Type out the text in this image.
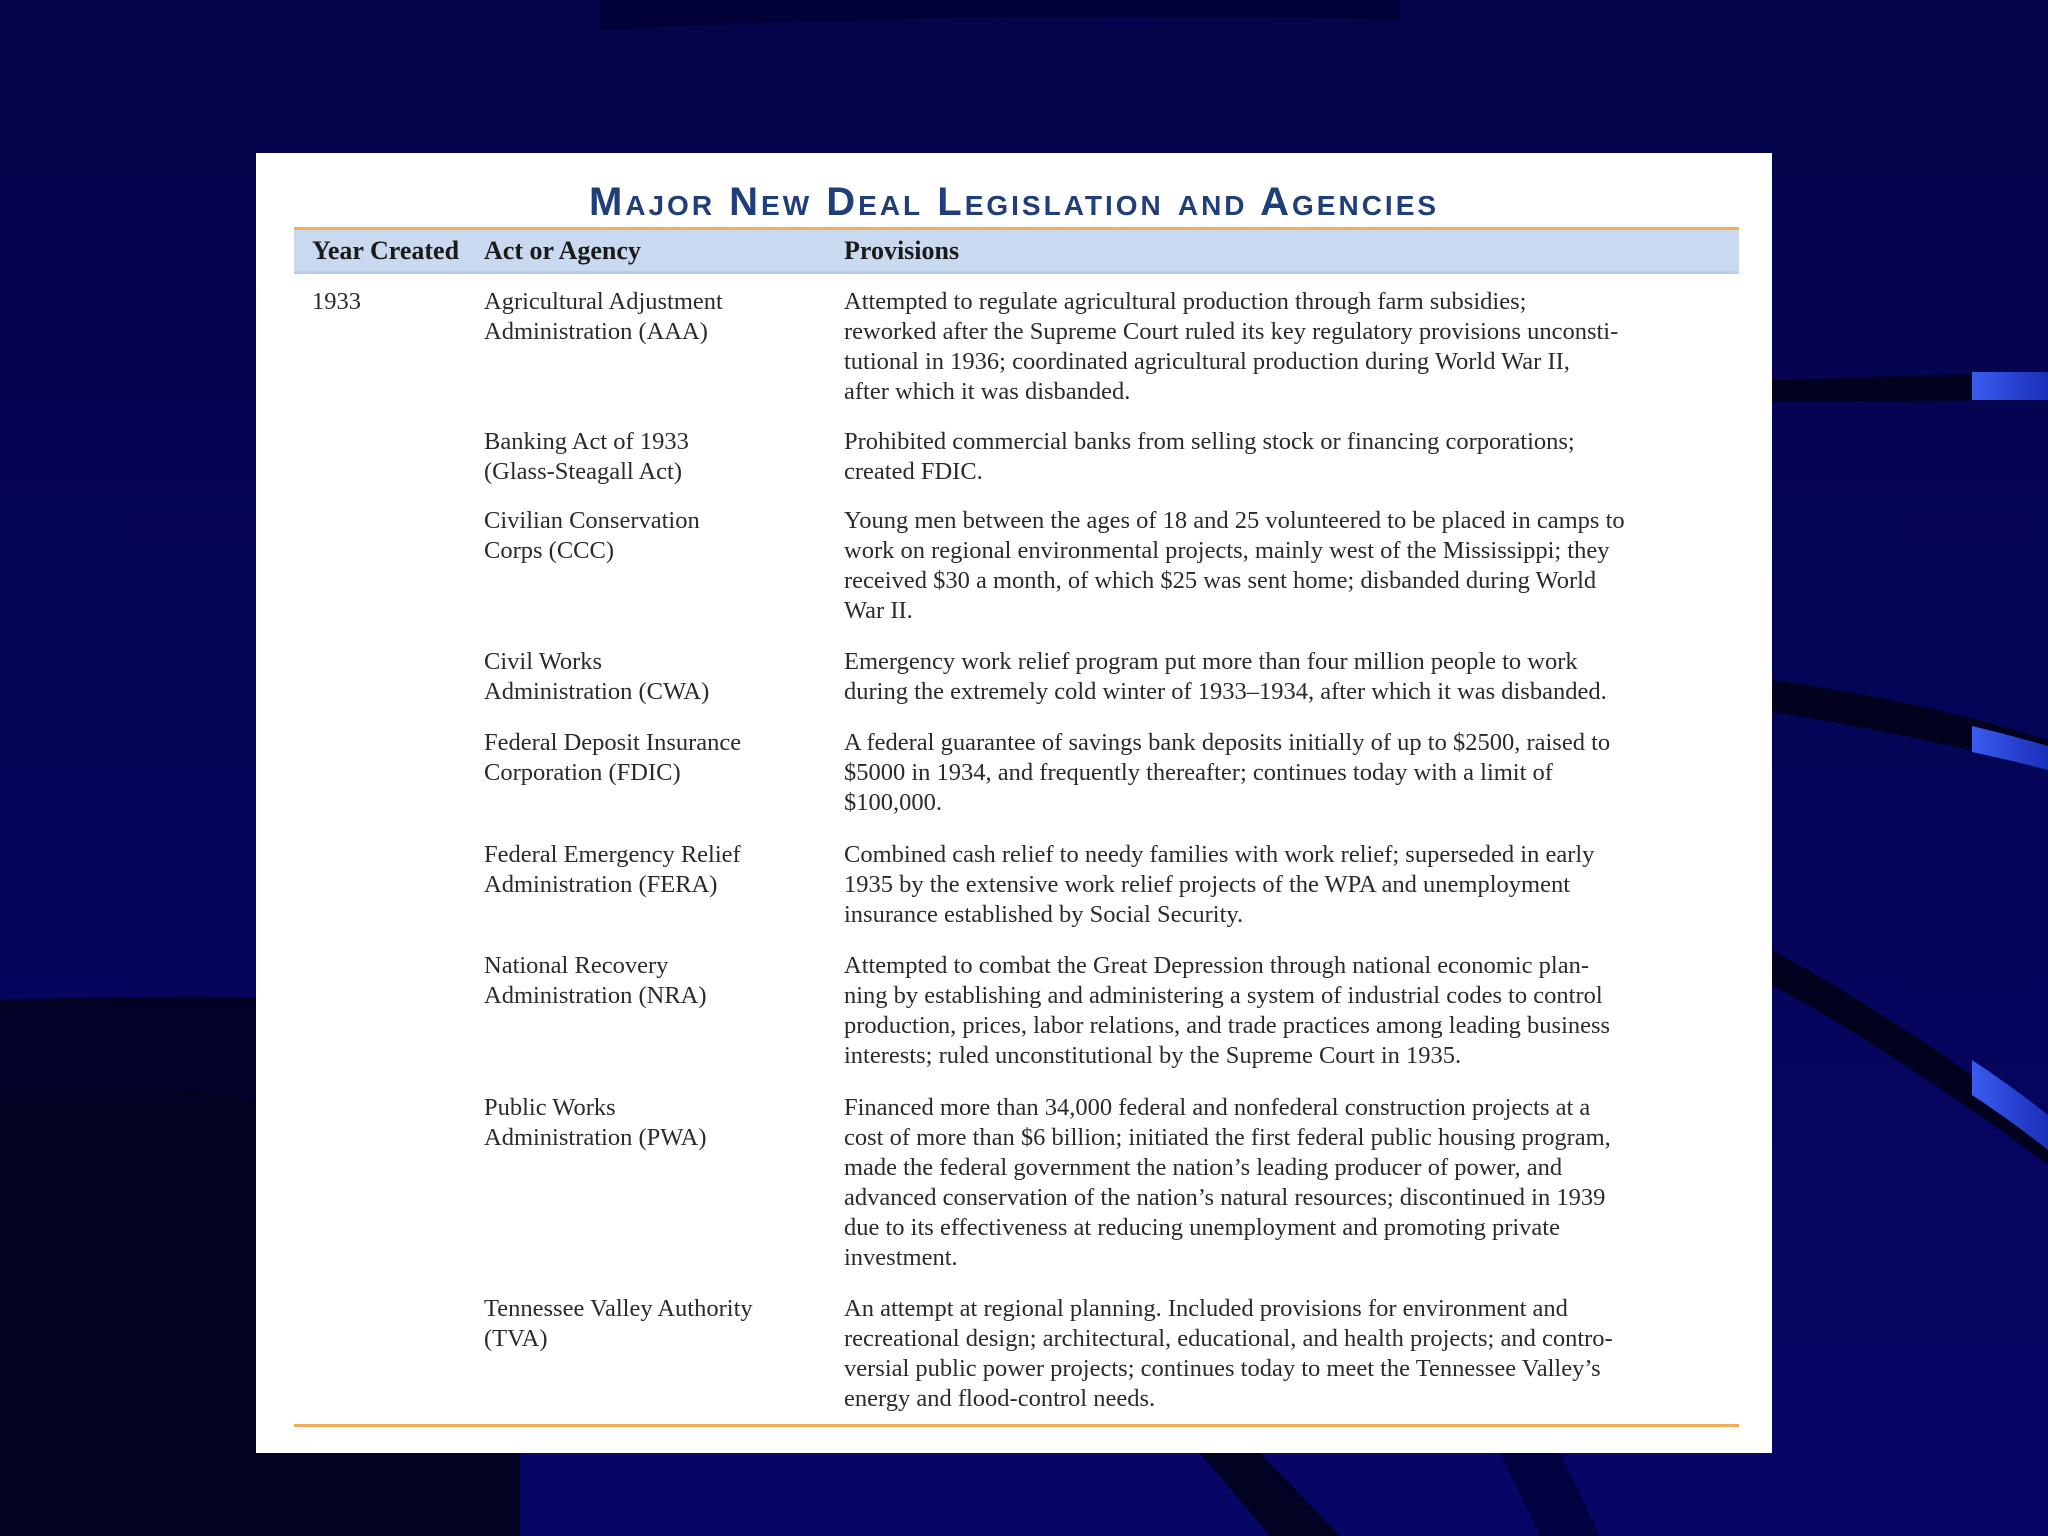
Major New Deal Legislation and Agencies
Year Created Act or Agency	Provisions
1933	Agricultural Adjustment
Administration (AAA)
Attempted to regulate agricultural production through farm subsidies;
reworked after the Supreme Court ruled its key regulatory provisions unconsti-
tutional in 1936; coordinated agricultural production during World War II,
after which it was disbanded.
Banking Act of 1933
(Glass-Steagall Act)
Prohibited commercial banks from selling stock or financing corporations;
created FDIC.
Civilian Conservation
Corps (CCC)
Young men between the ages of 18 and 25 volunteered to be placed in camps to
work on regional environmental projects, mainly west of the Mississippi; they
received $30 a month, of which $25 was sent home; disbanded during World
War II.
Civil Works
Administration (CWA)
Emergency work relief program put more than four million people to work
during the extremely cold winter of 1933–1934, after which it was disbanded.
Federal Deposit Insurance
Corporation (FDIC)
A federal guarantee of savings bank deposits initially of up to $2500, raised to
$5000 in 1934, and frequently thereafter; continues today with a limit of
$100,000.
Federal Emergency Relief
Administration (FERA)
Combined cash relief to needy families with work relief; superseded in early
1935 by the extensive work relief projects of the WPA and unemployment
insurance established by Social Security.
National Recovery
Administration (NRA)
Attempted to combat the Great Depression through national economic plan-
ning by establishing and administering a system of industrial codes to control
production, prices, labor relations, and trade practices among leading business
interests; ruled unconstitutional by the Supreme Court in 1935.
Public Works
Administration (PWA)
Financed more than 34,000 federal and nonfederal construction projects at a
cost of more than $6 billion; initiated the first federal public housing program,
made the federal government the nation’s leading producer of power, and
advanced conservation of the nation’s natural resources; discontinued in 1939
due to its effectiveness at reducing unemployment and promoting private
investment.
Tennessee Valley Authority
(TVA)
An attempt at regional planning. Included provisions for environment and
recreational design; architectural, educational, and health projects; and contro-
versial public power projects; continues today to meet the Tennessee Valley’s
energy and flood-control needs.
